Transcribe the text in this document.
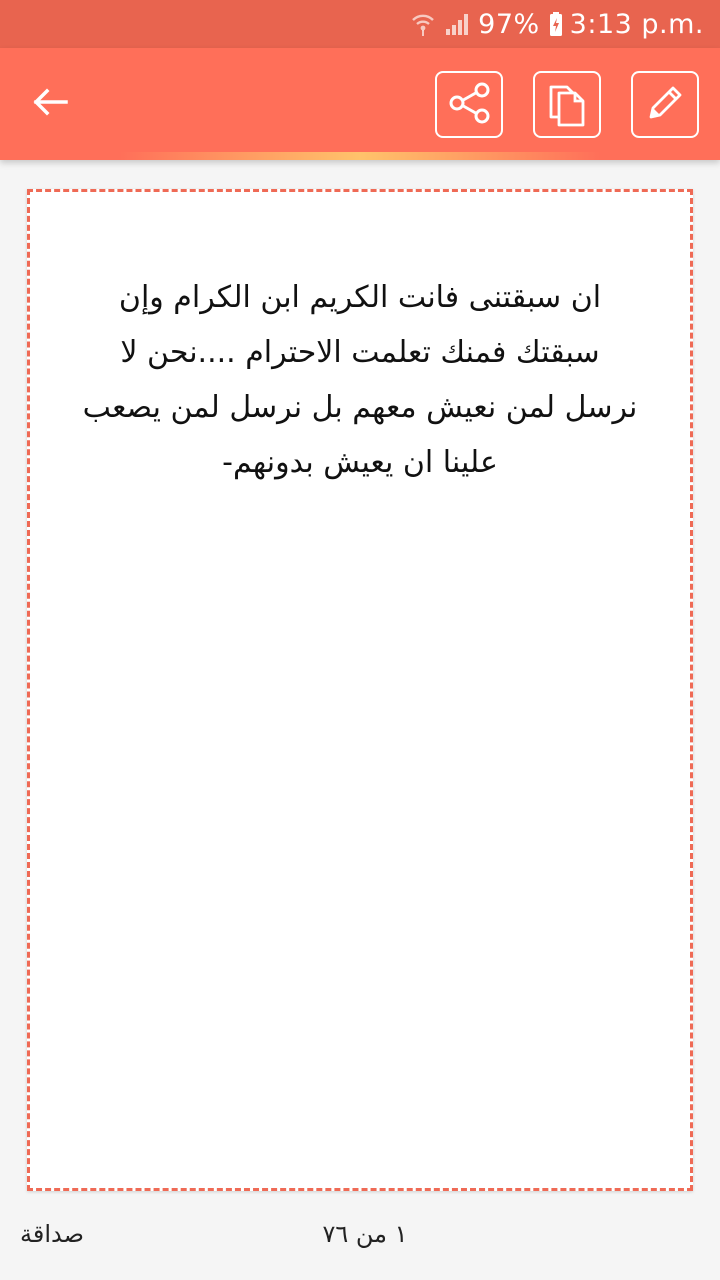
97% 3:13 p.m.

ان سبقتنى فانت الكريم ابن الكرام وإن سبقتك فمنك تعلمت الاحترام ....نحن لا نرسل لمن نعيش معهم بل نرسل لمن يصعب علينا ان يعيش بدونهم-

صداقة	١ من ٧٦
